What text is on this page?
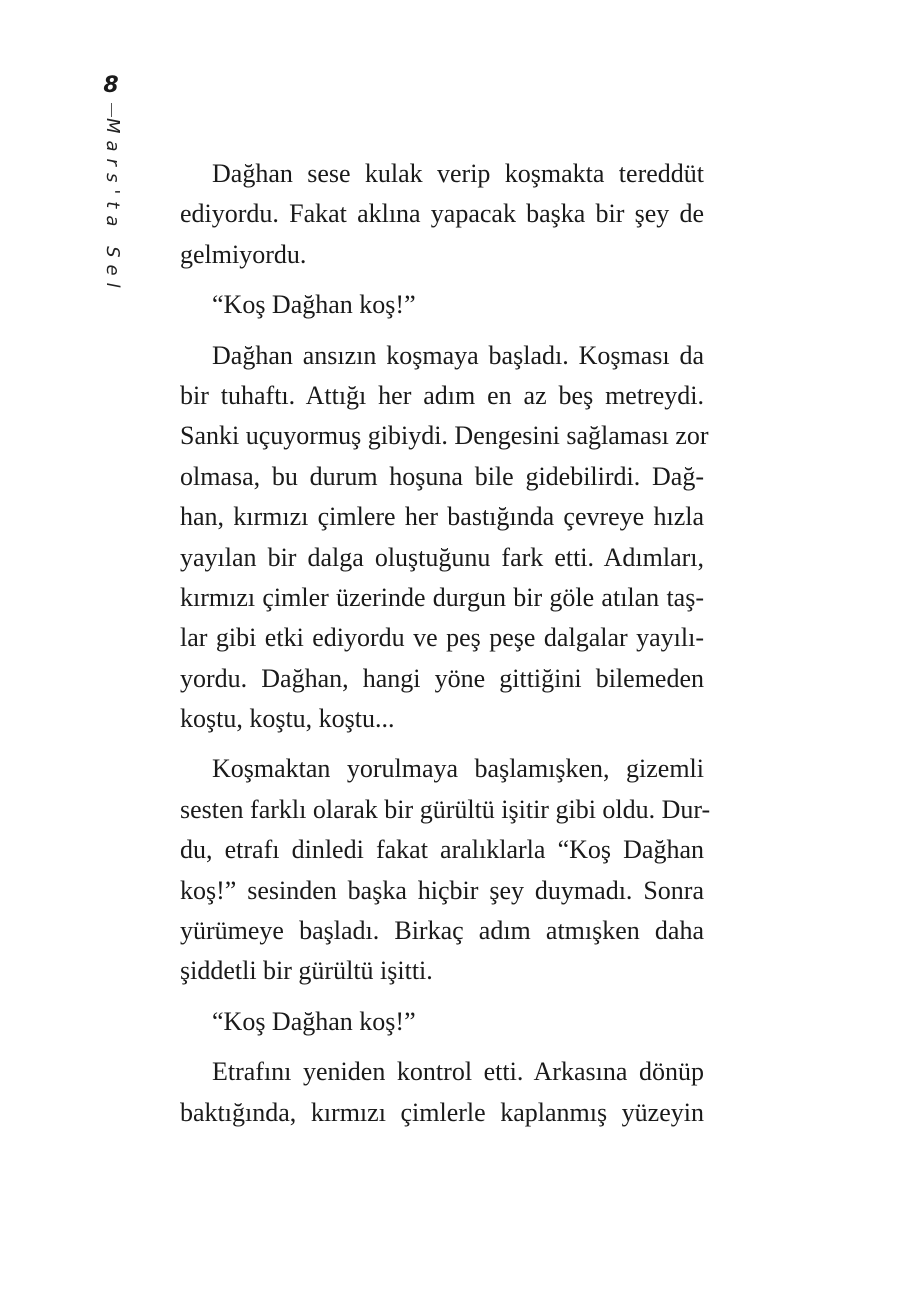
8
Mars'ta Sel	Dağhan sese kulak verip koşmakta tereddüt
ediyordu. Fakat aklına yapacak başka bir şey de
gelmiyordu.
“Koş Dağhan koş!”
Dağhan ansızın koşmaya başladı. Koşması da
bir tuhaftı. Attığı her adım en az beş metreydi.
Sanki uçuyormuş gibiydi. Dengesini sağlaması zor
olmasa, bu durum hoşuna bile gidebilirdi. Dağ-
han, kırmızı çimlere her bastığında çevreye hızla
yayılan bir dalga oluştuğunu fark etti. Adımları,
kırmızı çimler üzerinde durgun bir göle atılan taş-
lar gibi etki ediyordu ve peş peşe dalgalar yayılı-
yordu. Dağhan, hangi yöne gittiğini bilemeden
koştu, koştu, koştu...
Koşmaktan yorulmaya başlamışken, gizemli
sesten farklı olarak bir gürültü işitir gibi oldu. Dur-
du, etrafı dinledi fakat aralıklarla “Koş Dağhan
koş!” sesinden başka hiçbir şey duymadı. Sonra
yürümeye başladı. Birkaç adım atmışken daha
şiddetli bir gürültü işitti.
“Koş Dağhan koş!”
Etrafını yeniden kontrol etti. Arkasına dönüp
baktığında, kırmızı çimlerle kaplanmış yüzeyin
